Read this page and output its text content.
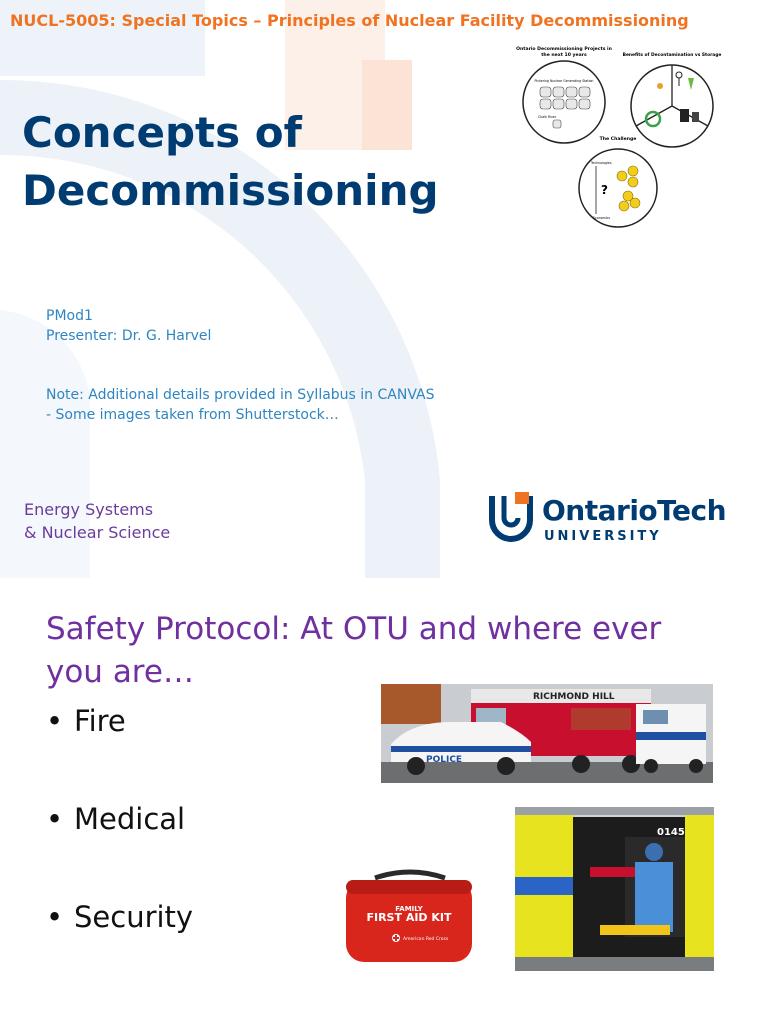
NUCL-5005: Special Topics – Principles of Nuclear Facility Decommissioning
Concepts of
Decommissioning
PMod1
Presenter: Dr. G. Harvel
Note: Additional details provided in Syllabus in CANVAS
- Some images taken from Shutterstock…
Energy Systems
& Nuclear Science
OntarioTech
UNIVERSITY
Ontario Decommissioning Projects in
the next 10 years
Pickering Nuclear Generating Station
Chalk River
Benefits of Decontamination vs Storage
The Challenge
Technologies
Economics
?
Safety Protocol: At OTU and where ever
you are…
• Fire
• Medical
• Security
RICHMOND HILL
POLICE
FAMILY
FIRST AID KIT
American Red Cross
0145
